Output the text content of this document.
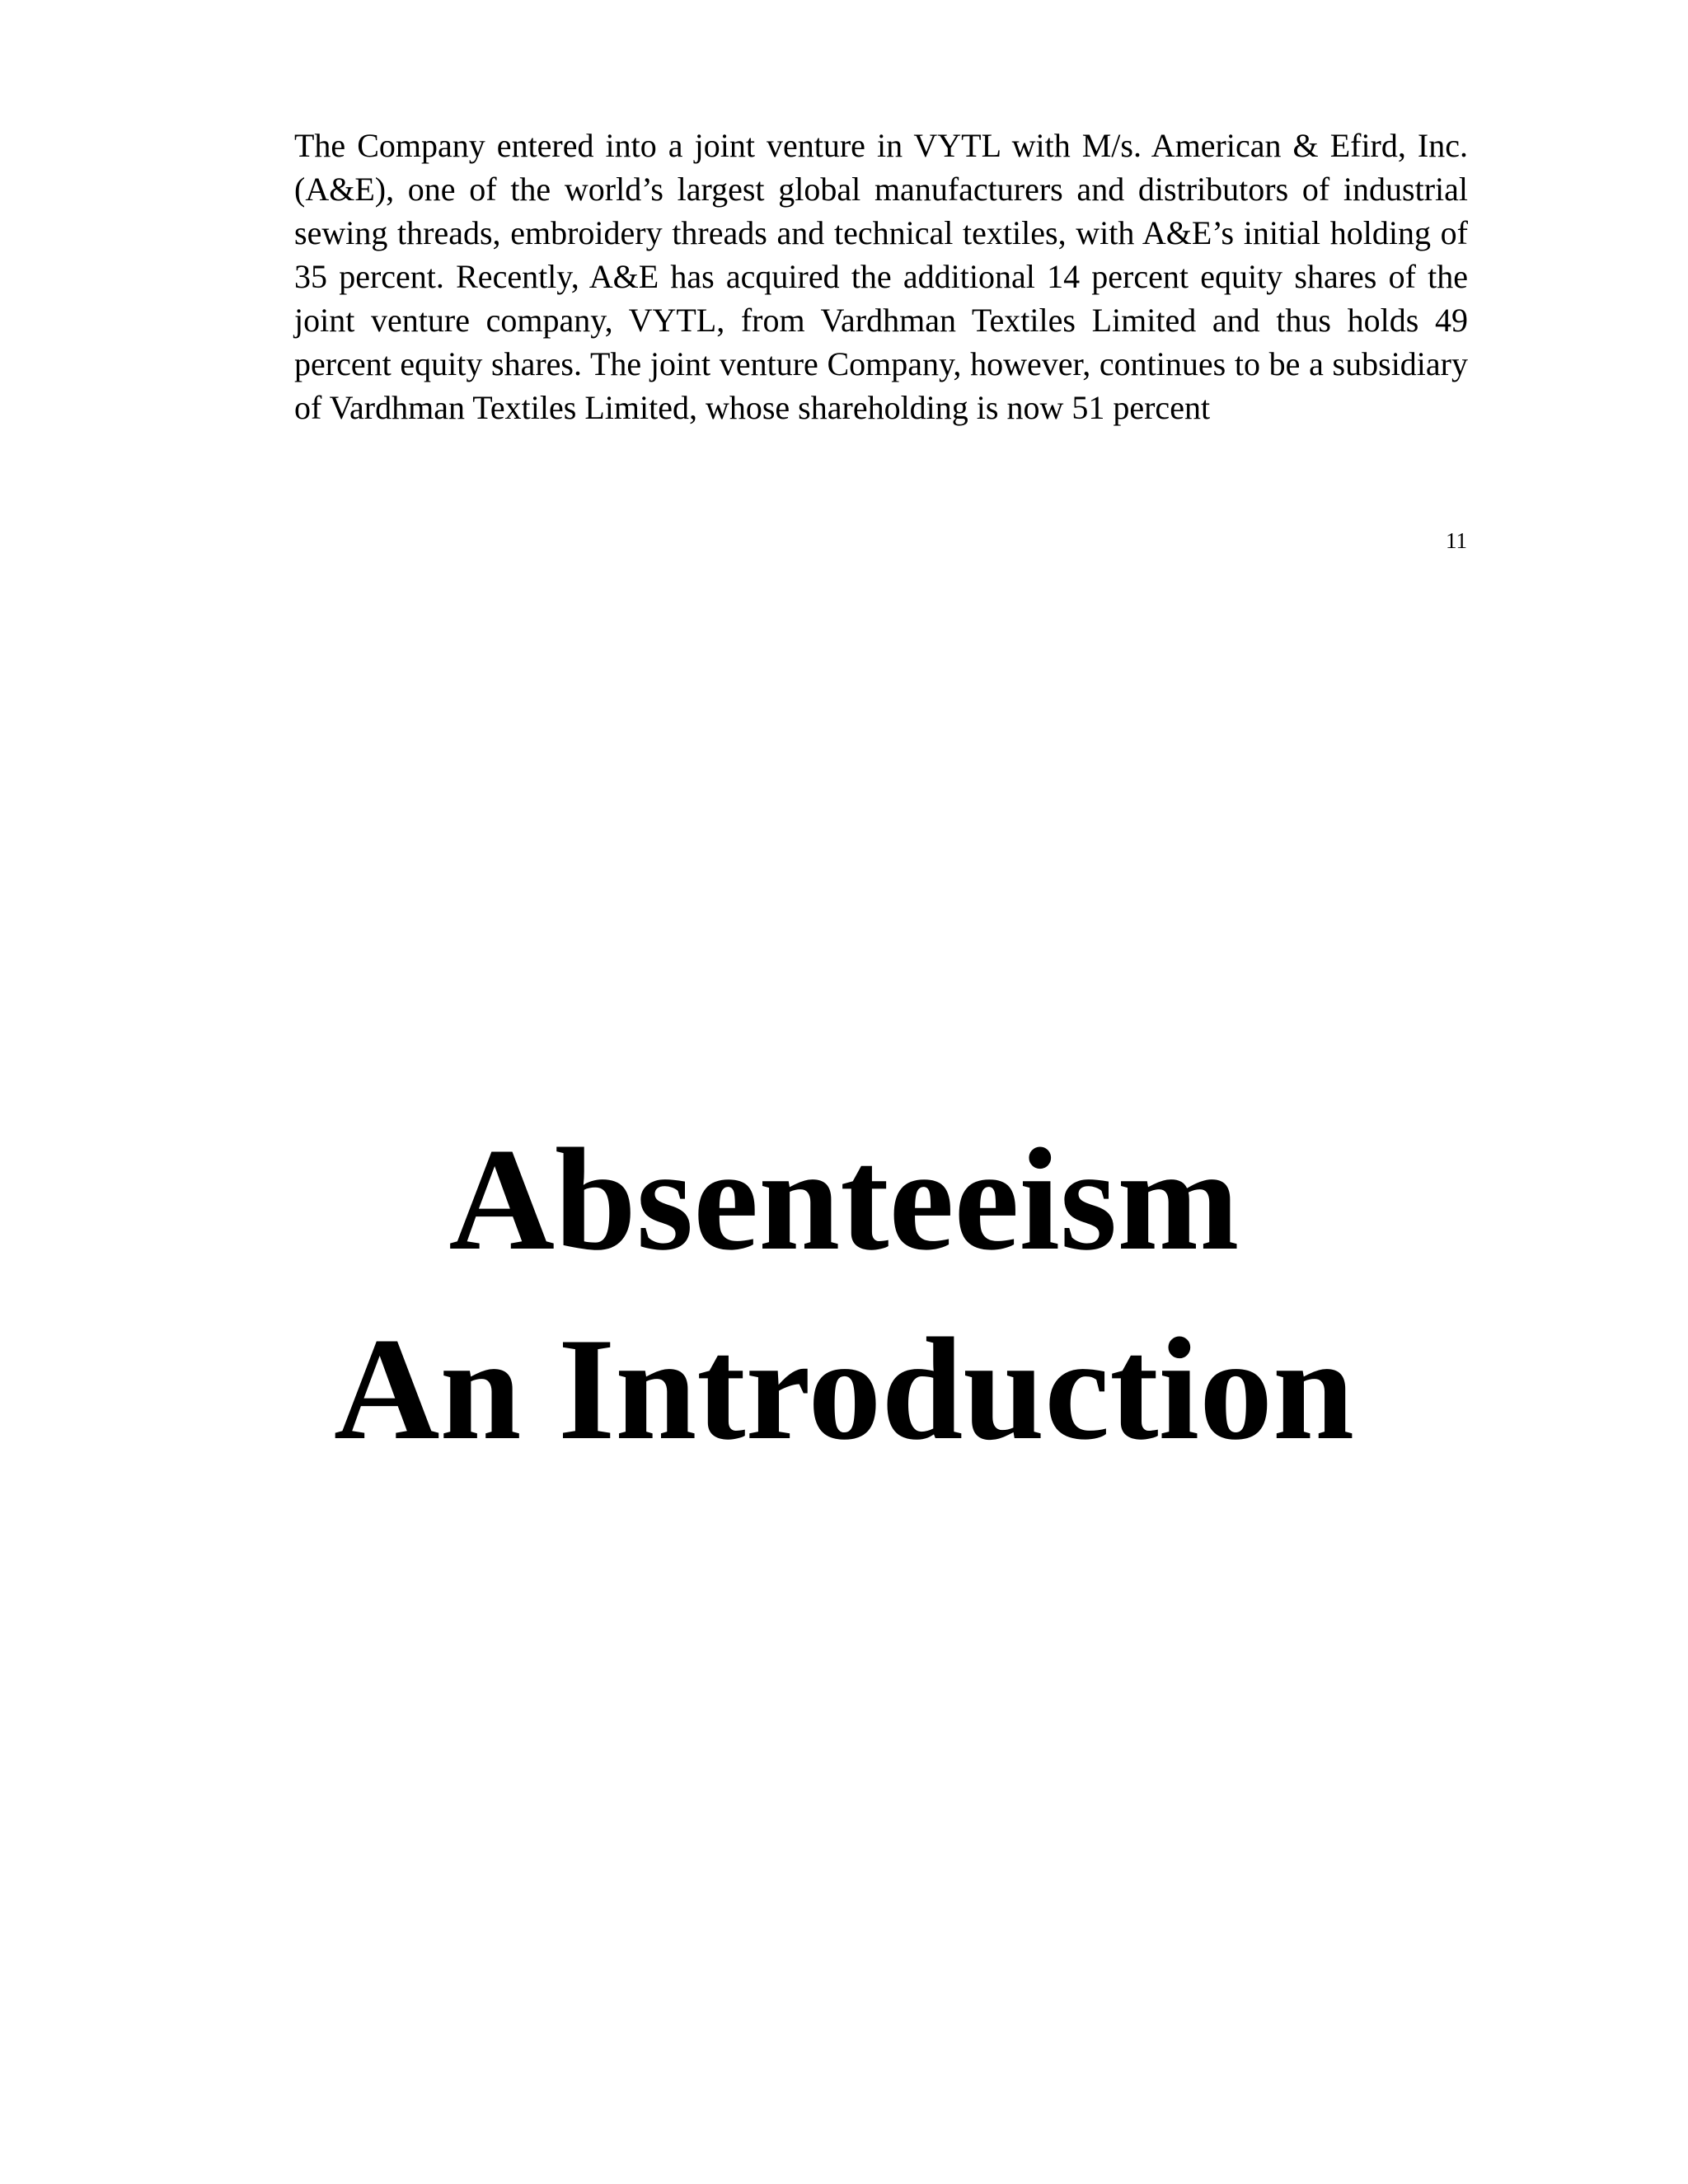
The Company entered into a joint venture in VYTL with M/s. American & Efird, Inc. (A&E), one of the world’s largest global manufacturers and distributors of industrial sewing threads, embroidery threads and technical textiles, with A&E’s initial holding of 35 percent. Recently, A&E has acquired the additional 14 percent equity shares of the joint venture company, VYTL, from Vardhman Textiles Limited and thus holds 49 percent equity shares. The joint venture Company, however, continues to be a subsidiary of Vardhman Textiles Limited, whose shareholding is now 51 percent

11
Absenteeism
An Introduction
